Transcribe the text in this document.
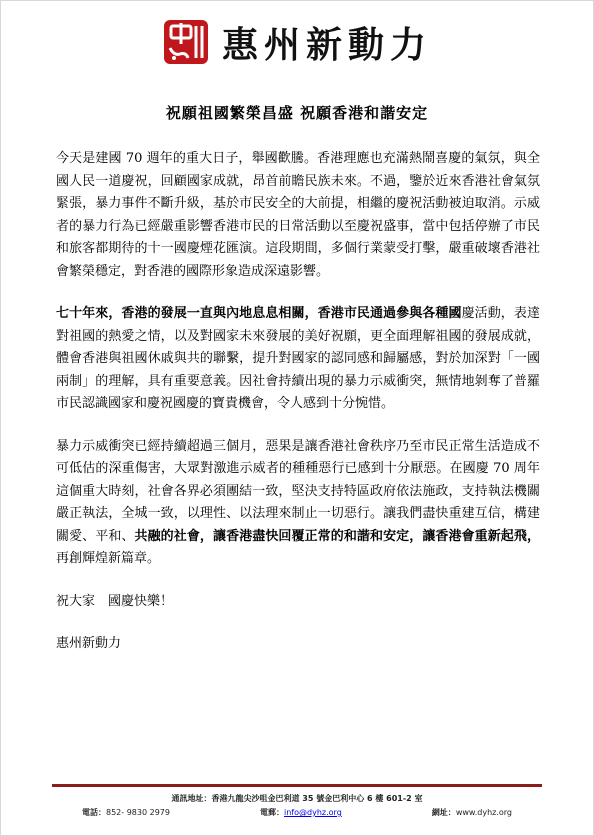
惠州新動力
祝願祖國繁榮昌盛 祝願香港和諧安定

今天是建國 70 週年的重大日子，舉國歡騰。香港理應也充滿熱鬧喜慶的氣氛，與全國人民一道慶祝，回顧國家成就，昂首前瞻民族未來。不過，鑒於近來香港社會氣氛緊張，暴力事件不斷升級，基於市民安全的大前提，相繼的慶祝活動被迫取消。示威者的暴力行為已經嚴重影響香港市民的日常活動以至慶祝盛事，當中包括停辦了市民和旅客都期待的十一國慶煙花匯演。這段期間，多個行業蒙受打擊，嚴重破壞香港社會繁榮穩定，對香港的國際形象造成深遠影響。

七十年來，香港的發展一直與內地息息相關，香港市民通過參與各種國慶活動，表達對祖國的熱愛之情，以及對國家未來發展的美好祝願，更全面理解祖國的發展成就，體會香港與祖國休戚與共的聯繫，提升對國家的認同感和歸屬感，對於加深對「一國兩制」的理解，具有重要意義。因社會持續出現的暴力示威衝突，無情地剝奪了普羅市民認識國家和慶祝國慶的寶貴機會，令人感到十分惋惜。

暴力示威衝突已經持續超過三個月，惡果是讓香港社會秩序乃至市民正常生活造成不可低估的深重傷害，大眾對激進示威者的種種惡行已感到十分厭惡。在國慶 70 周年這個重大時刻，社會各界必須團結一致，堅決支持特區政府依法施政，支持執法機關嚴正執法，全城一致，以理性、以法理來制止一切惡行。讓我們盡快重建互信，構建關愛、平和、共融的社會，讓香港盡快回覆正常的和諧和安定，讓香港會重新起飛，再創輝煌新篇章。

祝大家　國慶快樂！

惠州新動力

通訊地址：香港九龍尖沙咀金巴利道 35 號金巴利中心 6 樓 601-2 室
電話：852- 9830 2979	電郵：info@dyhz.org	網址：www.dyhz.org
